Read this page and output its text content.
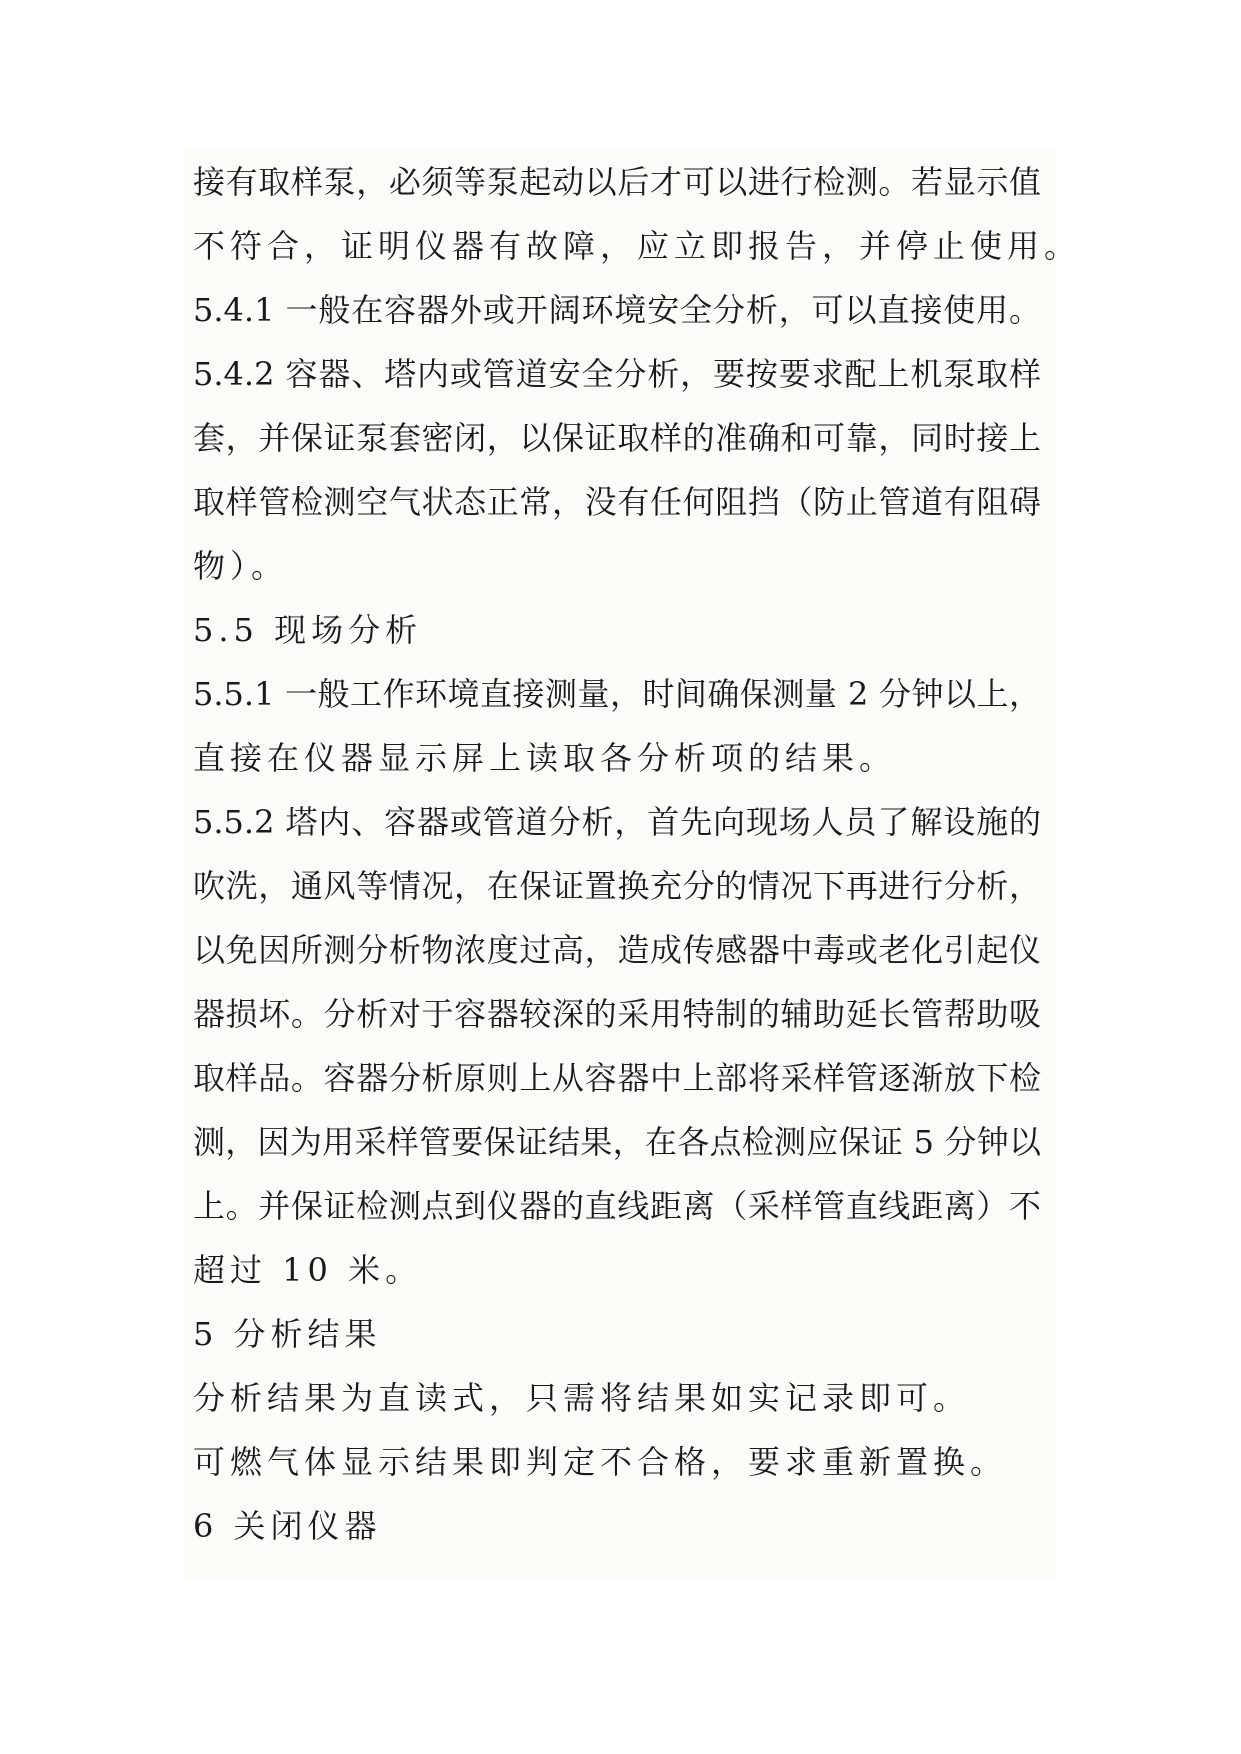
接有取样泵，必须等泵起动以后才可以进行检测。若显示值
不符合，证明仪器有故障，应立即报告，并停止使用。
5.4.1 一般在容器外或开阔环境安全分析，可以直接使用。
5.4.2 容器、塔内或管道安全分析，要按要求配上机泵取样
套，并保证泵套密闭，以保证取样的准确和可靠，同时接上
取样管检测空气状态正常，没有任何阻挡（防止管道有阻碍
物）。
5.5 现场分析
5.5.1 一般工作环境直接测量，时间确保测量 2 分钟以上，
直接在仪器显示屏上读取各分析项的结果。
5.5.2 塔内、容器或管道分析，首先向现场人员了解设施的
吹洗，通风等情况，在保证置换充分的情况下再进行分析，
以免因所测分析物浓度过高，造成传感器中毒或老化引起仪
器损坏。分析对于容器较深的采用特制的辅助延长管帮助吸
取样品。容器分析原则上从容器中上部将采样管逐渐放下检
测，因为用采样管要保证结果，在各点检测应保证 5 分钟以
上。并保证检测点到仪器的直线距离（采样管直线距离）不
超过 10 米。
5 分析结果
分析结果为直读式，只需将结果如实记录即可。
可燃气体显示结果即判定不合格，要求重新置换。
6 关闭仪器
